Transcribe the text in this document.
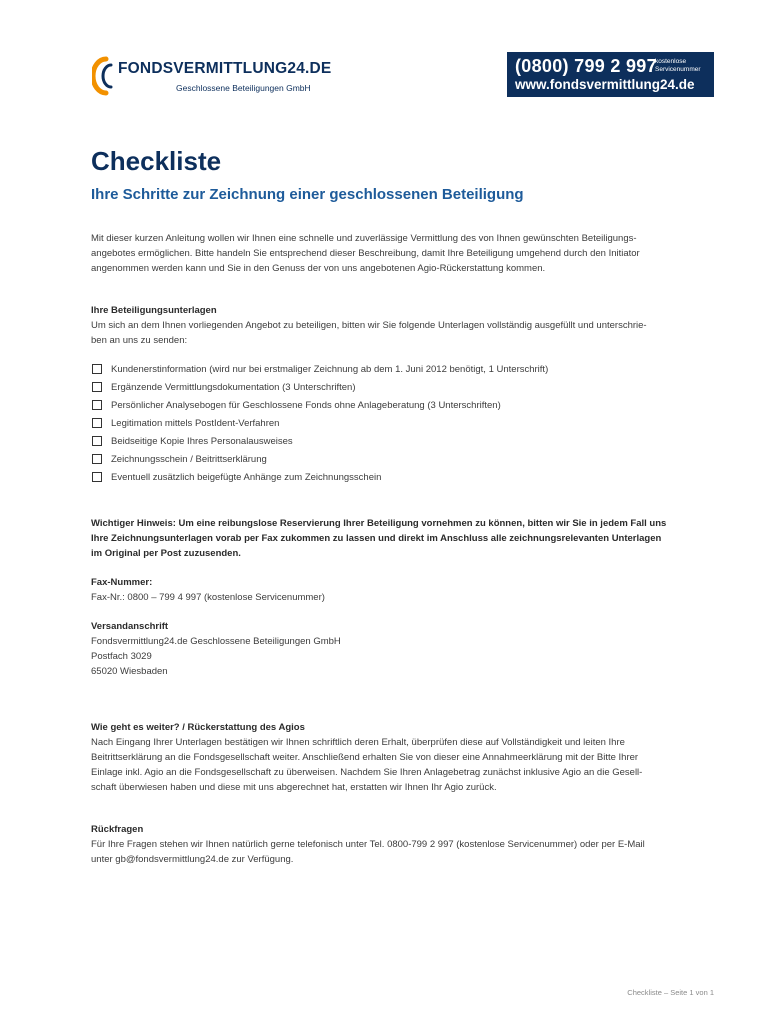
FONDSVERMITTLUNG24.DE
Geschlossene Beteiligungen GmbH
(0800) 799 2 997
kostenlose Servicenummer
www.fondsvermittlung24.de
Checkliste
Ihre Schritte zur Zeichnung einer geschlossenen Beteiligung

Mit dieser kurzen Anleitung wollen wir Ihnen eine schnelle und zuverlässige Vermittlung des von Ihnen gewünschten Beteiligungs-
angebotes ermöglichen. Bitte handeln Sie entsprechend dieser Beschreibung, damit Ihre Beteiligung umgehend durch den Initiator
angenommen werden kann und Sie in den Genuss der von uns angebotenen Agio-Rückerstattung kommen.

Ihre Beteiligungsunterlagen
Um sich an dem Ihnen vorliegenden Angebot zu beteiligen, bitten wir Sie folgende Unterlagen vollständig ausgefüllt und unterschrie-
ben an uns zu senden:

Kundenerstinformation (wird nur bei erstmaliger Zeichnung ab dem 1. Juni 2012 benötigt, 1 Unterschrift)
Ergänzende Vermittlungsdokumentation (3 Unterschriften)
Persönlicher Analysebogen für Geschlossene Fonds ohne Anlageberatung (3 Unterschriften)
Legitimation mittels PostIdent-Verfahren
Beidseitige Kopie Ihres Personalausweises
Zeichnungsschein / Beitrittserklärung
Eventuell zusätzlich beigefügte Anhänge zum Zeichnungsschein

Wichtiger Hinweis: Um eine reibungslose Reservierung Ihrer Beteiligung vornehmen zu können, bitten wir Sie in jedem Fall uns
Ihre Zeichnungsunterlagen vorab per Fax zukommen zu lassen und direkt im Anschluss alle zeichnungsrelevanten Unterlagen
im Original per Post zuzusenden.

Fax-Nummer:
Fax-Nr.: 0800 – 799 4 997 (kostenlose Servicenummer)

Versandanschrift
Fondsvermittlung24.de Geschlossene Beteiligungen GmbH
Postfach 3029
65020 Wiesbaden

Wie geht es weiter? / Rückerstattung des Agios
Nach Eingang Ihrer Unterlagen bestätigen wir Ihnen schriftlich deren Erhalt, überprüfen diese auf Vollständigkeit und leiten Ihre
Beitrittserklärung an die Fondsgesellschaft weiter. Anschließend erhalten Sie von dieser eine Annahmeerklärung mit der Bitte Ihrer
Einlage inkl. Agio an die Fondsgesellschaft zu überweisen. Nachdem Sie Ihren Anlagebetrag zunächst inklusive Agio an die Gesell-
schaft überwiesen haben und diese mit uns abgerechnet hat, erstatten wir Ihnen Ihr Agio zurück.

Rückfragen
Für Ihre Fragen stehen wir Ihnen natürlich gerne telefonisch unter Tel. 0800-799 2 997 (kostenlose Servicenummer) oder per E-Mail
unter gb@fondsvermittlung24.de zur Verfügung.

Checkliste – Seite 1 von 1
